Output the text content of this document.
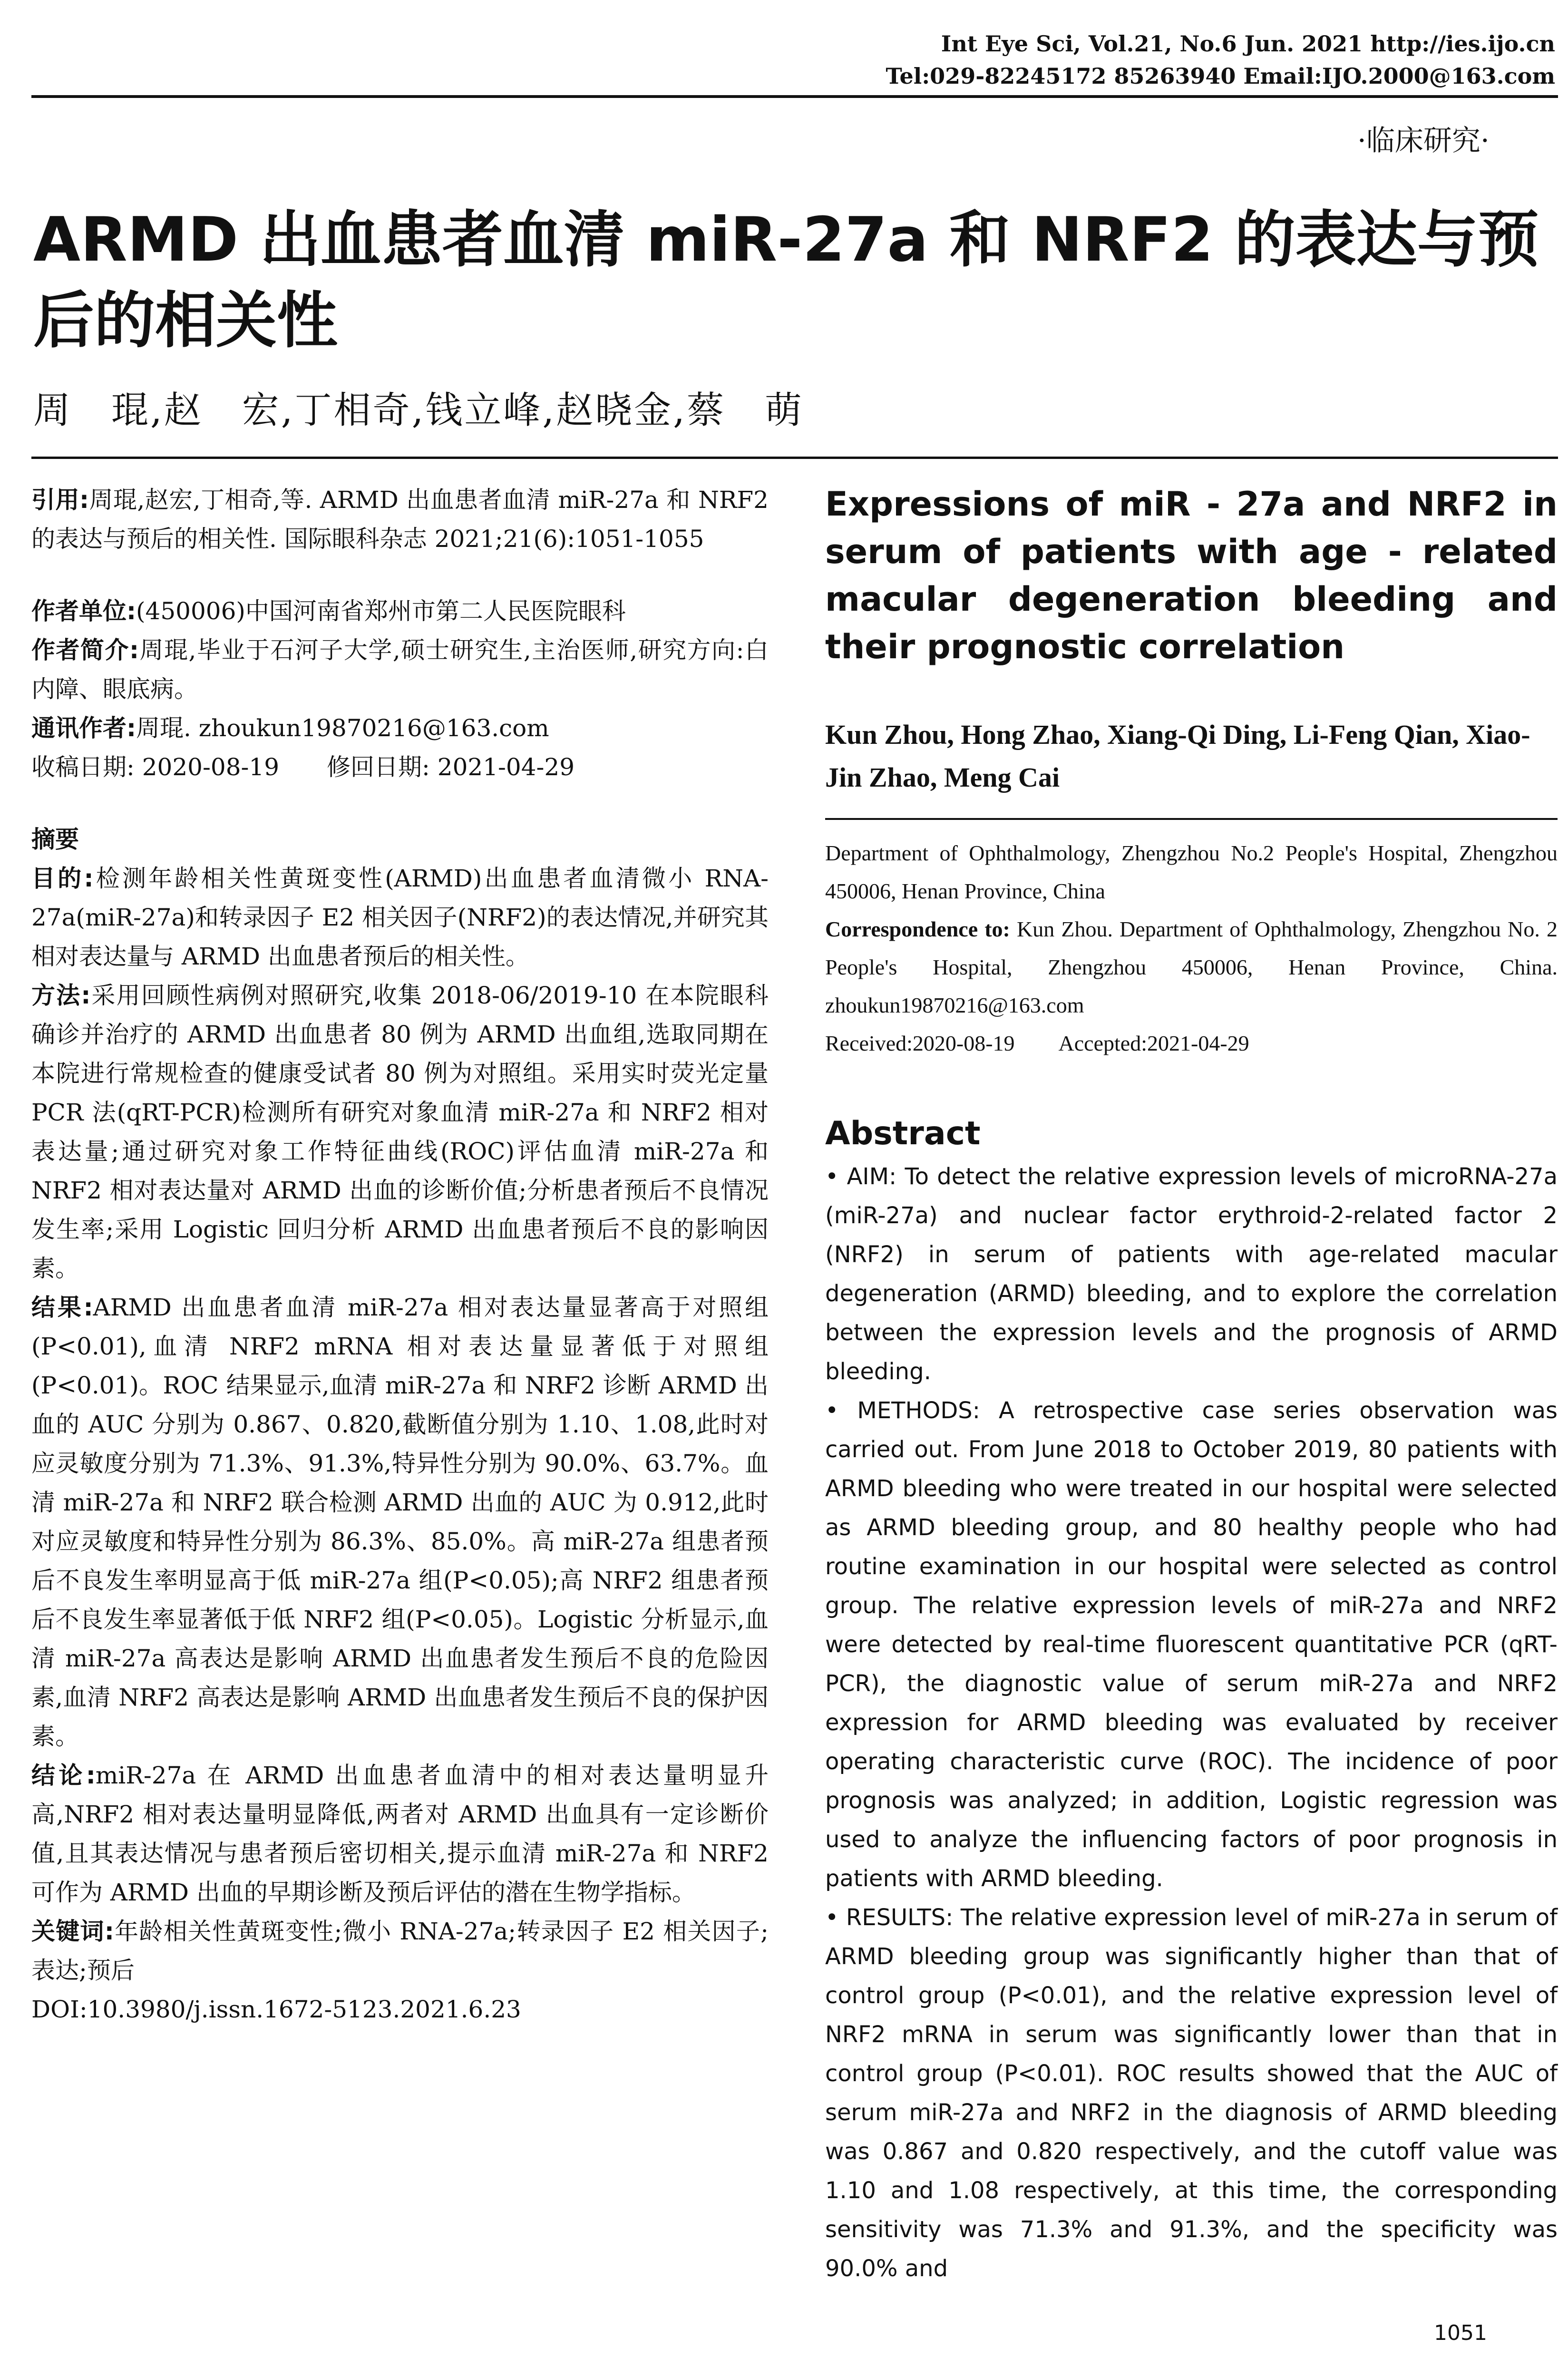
Int Eye Sci, Vol.21, No.6 Jun. 2021 http://ies.ijo.cn
Tel:029-82245172 85263940 Email:IJO.2000@163.com
·临床研究·
ARMD 出血患者血清 miR-27a 和 NRF2 的表达与预后的相关性
周　琨,赵　宏,丁相奇,钱立峰,赵晓金,蔡　萌

引用:周琨,赵宏,丁相奇,等. ARMD 出血患者血清 miR-27a 和 NRF2 的表达与预后的相关性. 国际眼科杂志 2021;21(6):1051-1055

作者单位:(450006)中国河南省郑州市第二人民医院眼科

作者简介:周琨,毕业于石河子大学,硕士研究生,主治医师,研究方向:白内障、眼底病。

通讯作者:周琨. zhoukun19870216@163.com

收稿日期: 2020-08-19　　修回日期: 2021-04-29

摘要

目的:检测年龄相关性黄斑变性(ARMD)出血患者血清微小 RNA-27a(miR-27a)和转录因子 E2 相关因子(NRF2)的表达情况,并研究其相对表达量与 ARMD 出血患者预后的相关性。

方法:采用回顾性病例对照研究,收集 2018-06/2019-10 在本院眼科确诊并治疗的 ARMD 出血患者 80 例为 ARMD 出血组,选取同期在本院进行常规检查的健康受试者 80 例为对照组。采用实时荧光定量 PCR 法(qRT-PCR)检测所有研究对象血清 miR-27a 和 NRF2 相对表达量;通过研究对象工作特征曲线(ROC)评估血清 miR-27a 和 NRF2 相对表达量对 ARMD 出血的诊断价值;分析患者预后不良情况发生率;采用 Logistic 回归分析 ARMD 出血患者预后不良的影响因素。

结果:ARMD 出血患者血清 miR-27a 相对表达量显著高于对照组(P<0.01),血清 NRF2 mRNA 相对表达量显著低于对照组(P<0.01)。ROC 结果显示,血清 miR-27a 和 NRF2 诊断 ARMD 出血的 AUC 分别为 0.867、0.820,截断值分别为 1.10、1.08,此时对应灵敏度分别为 71.3%、91.3%,特异性分别为 90.0%、63.7%。血清 miR-27a 和 NRF2 联合检测 ARMD 出血的 AUC 为 0.912,此时对应灵敏度和特异性分别为 86.3%、85.0%。高 miR-27a 组患者预后不良发生率明显高于低 miR-27a 组(P<0.05);高 NRF2 组患者预后不良发生率显著低于低 NRF2 组(P<0.05)。Logistic 分析显示,血清 miR-27a 高表达是影响 ARMD 出血患者发生预后不良的危险因素,血清 NRF2 高表达是影响 ARMD 出血患者发生预后不良的保护因素。

结论:miR-27a 在 ARMD 出血患者血清中的相对表达量明显升高,NRF2 相对表达量明显降低,两者对 ARMD 出血具有一定诊断价值,且其表达情况与患者预后密切相关,提示血清 miR-27a 和 NRF2 可作为 ARMD 出血的早期诊断及预后评估的潜在生物学指标。

关键词:年龄相关性黄斑变性;微小 RNA-27a;转录因子 E2 相关因子;表达;预后

DOI:10.3980/j.issn.1672-5123.2021.6.23

Expressions of miR - 27a and NRF2 in serum of patients with age - related macular degeneration bleeding and their prognostic correlation

Kun Zhou, Hong Zhao, Xiang-Qi Ding, Li-Feng Qian, Xiao-Jin Zhao, Meng Cai

Department of Ophthalmology, Zhengzhou No.2 People's Hospital, Zhengzhou 450006, Henan Province, China

Correspondence to: Kun Zhou. Department of Ophthalmology, Zhengzhou No. 2 People's Hospital, Zhengzhou 450006, Henan Province, China. zhoukun19870216@163.com

Received:2020-08-19　　Accepted:2021-04-29

Abstract

• AIM: To detect the relative expression levels of microRNA-27a (miR-27a) and nuclear factor erythroid-2-related factor 2 (NRF2) in serum of patients with age-related macular degeneration (ARMD) bleeding, and to explore the correlation between the expression levels and the prognosis of ARMD bleeding.

• METHODS: A retrospective case series observation was carried out. From June 2018 to October 2019, 80 patients with ARMD bleeding who were treated in our hospital were selected as ARMD bleeding group, and 80 healthy people who had routine examination in our hospital were selected as control group. The relative expression levels of miR-27a and NRF2 were detected by real-time fluorescent quantitative PCR (qRT-PCR), the diagnostic value of serum miR-27a and NRF2 expression for ARMD bleeding was evaluated by receiver operating characteristic curve (ROC). The incidence of poor prognosis was analyzed; in addition, Logistic regression was used to analyze the influencing factors of poor prognosis in patients with ARMD bleeding.

• RESULTS: The relative expression level of miR-27a in serum of ARMD bleeding group was significantly higher than that of control group (P<0.01), and the relative expression level of NRF2 mRNA in serum was significantly lower than that in control group (P<0.01). ROC results showed that the AUC of serum miR-27a and NRF2 in the diagnosis of ARMD bleeding was 0.867 and 0.820 respectively, and the cutoff value was 1.10 and 1.08 respectively, at this time, the corresponding sensitivity was 71.3% and 91.3%, and the specificity was 90.0% and

1051
